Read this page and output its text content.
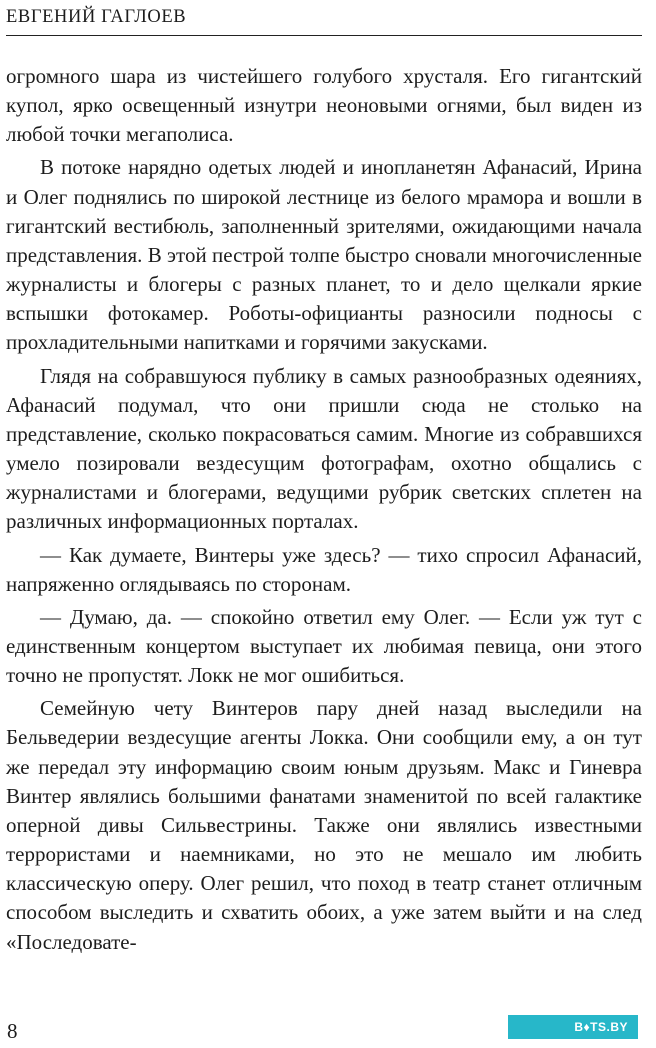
ЕВГЕНИЙ ГАГЛОЕВ

огромного шара из чистейшего голубого хрусталя. Его гигантский купол, ярко освещенный изнутри неоновыми огнями, был виден из любой точки мегаполиса.

В потоке нарядно одетых людей и инопланетян Афанасий, Ирина и Олег поднялись по широкой лестнице из белого мрамора и вошли в гигантский вестибюль, заполненный зрителями, ожидающими начала представления. В этой пестрой толпе быстро сновали многочисленные журналисты и блогеры с разных планет, то и дело щелкали яркие вспышки фотокамер. Роботы-официанты разносили подносы с прохладительными напитками и горячими закусками.

Глядя на собравшуюся публику в самых разнообразных одеяниях, Афанасий подумал, что они пришли сюда не столько на представление, сколько покрасоваться самим. Многие из собравшихся умело позировали вездесущим фотографам, охотно общались с журналистами и блогерами, ведущими рубрик светских сплетен на различных информационных порталах.

— Как думаете, Винтеры уже здесь? — тихо спросил Афанасий, напряженно оглядываясь по сторонам.

— Думаю, да. — спокойно ответил ему Олег. — Если уж тут с единственным концертом выступает их любимая певица, они этого точно не пропустят. Локк не мог ошибиться.

Семейную чету Винтеров пару дней назад выследили на Бельведерии вездесущие агенты Локка. Они сообщили ему, а он тут же передал эту информацию своим юным друзьям. Макс и Гиневра Винтер являлись большими фанатами знаменитой по всей галактике оперной дивы Сильвестрины. Также они являлись известными террористами и наемниками, но это не мешало им любить классическую оперу. Олег решил, что поход в театр станет отличным способом выследить и схватить обоих, а уже затем выйти и на след «Последовате-

8	B♦TS.BY
